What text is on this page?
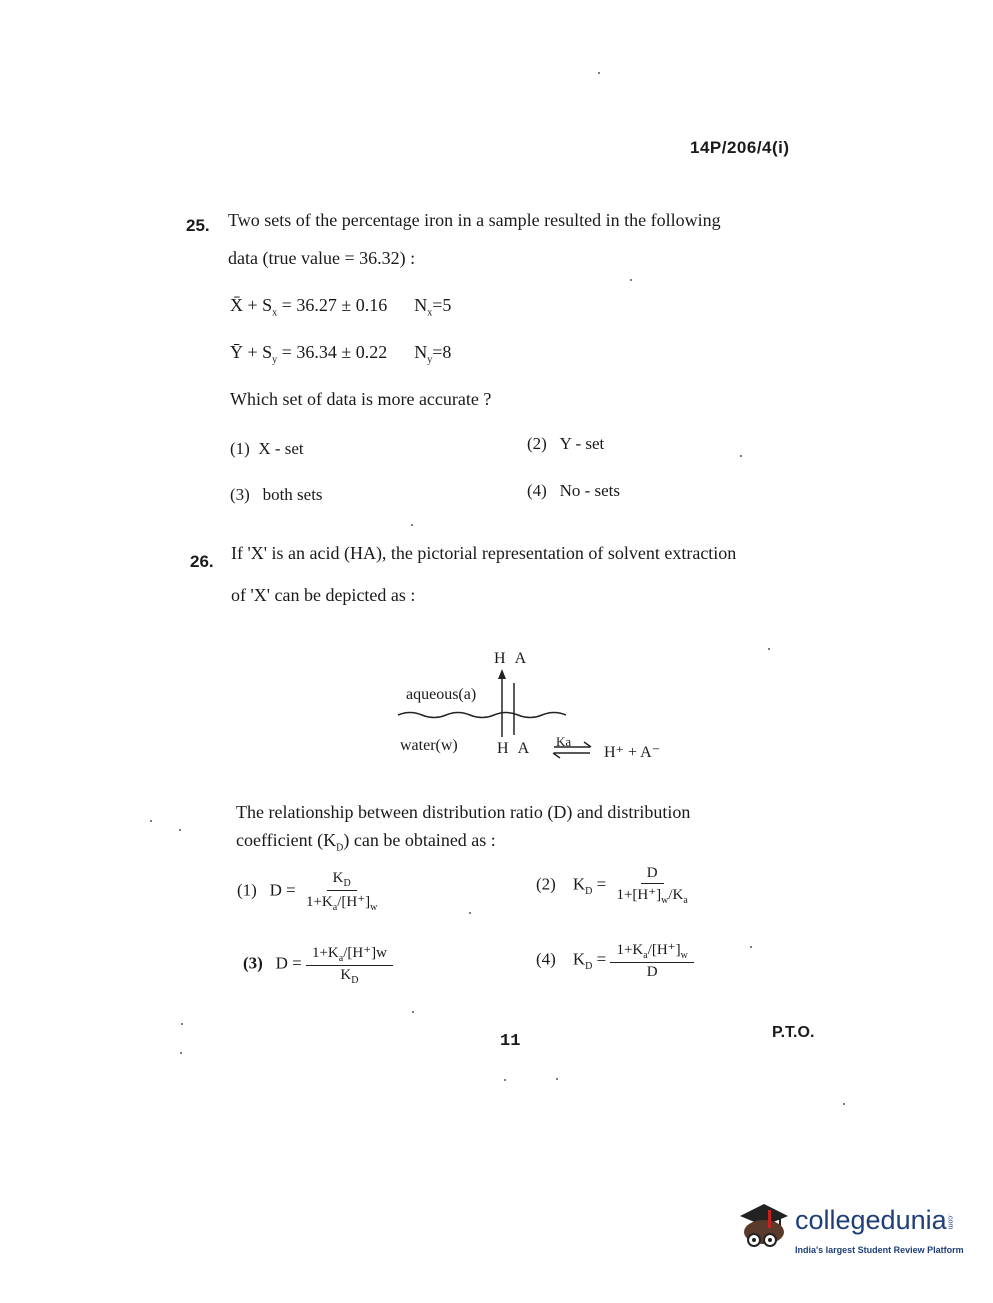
14P/206/4(i)
25. Two sets of the percentage iron in a sample resulted in the following
data (true value = 36.32) :
X̄ + $S_x = 36.27 \pm 0.16$ $N_x=5$
Ȳ + $S_y = 36.34 \pm 0.22$ $N_y=8$
Which set of data is more accurate ?
(1) X - set	(2) Y - set
(3) both sets	(4) No - sets
26. If 'X' is an acid (HA), the pictorial representation of solvent extraction
of 'X' can be depicted as :
H A
aqueous(a)
water(w) H A Ka
H⁺ + A⁻
The relationship between distribution ratio (D) and distribution
coefficient $(K_D)$ can be obtained as :
(1) $D = \frac{K_D}{1+K_a/[H^+]_w}$	(2) $K_D = \frac{D}{1+[H^+]_w/K_a}$
(3) $D = \frac{1+K_a/[H^+]w}{K_D}$	(4) $K_D = \frac{1+K_a/[H^+]_w}{D}$
11	P.T.O.
collegedunia.com
India's largest Student Review Platform
